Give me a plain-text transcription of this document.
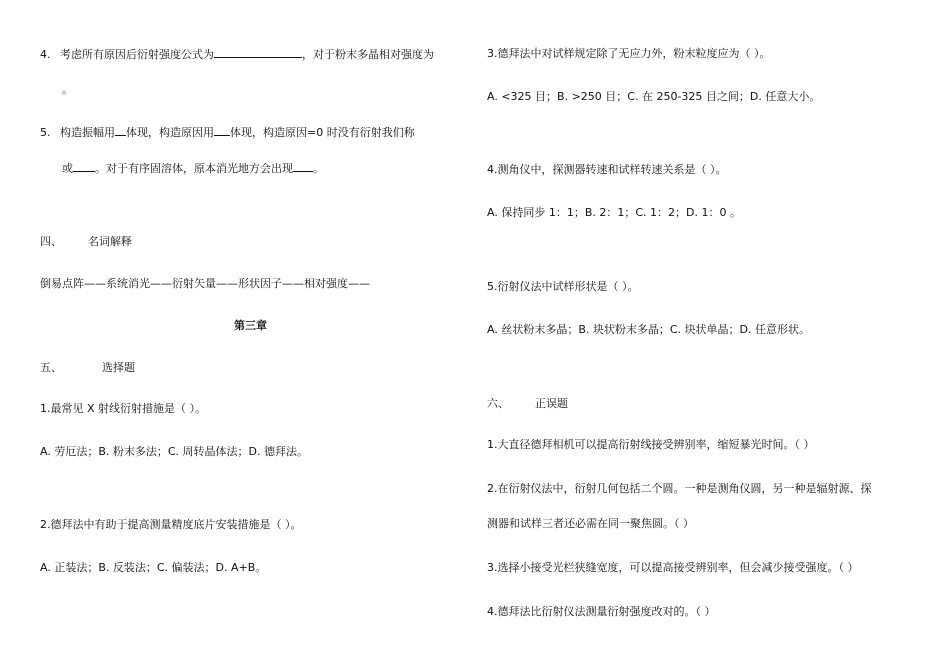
4. 考虑所有原因后衍射强度公式为	，对于粉末多晶相对强度为
。
5. 构造振幅用 体现，构造原因用 体现，构造原因=0 时没有衍射我们称
或 。对于有序固溶体，原本消光地方会出现 。
四、 名词解释
倒易点阵——系统消光——衍射矢量——形状因子——相对强度——
第三章
五、	选择题
1.最常见 X 射线衍射措施是（ ）。
A. 劳厄法；B. 粉末多法；C. 周转晶体法；D. 德拜法。
2.德拜法中有助于提高测量精度底片安装措施是（ ）。
A. 正装法；B. 反装法；C. 偏装法；D. A+B。
3.德拜法中对试样规定除了无应力外，粉末粒度应为（ ）。
A. <325 目；B. >250 目；C. 在 250-325 目之间；D. 任意大小。
4.测角仪中，探测器转速和试样转速关系是（ ）。
A. 保持同步 1：1；B. 2：1；C. 1：2；D. 1：0 。
5.衍射仪法中试样形状是（ ）。
A. 丝状粉末多晶；B. 块状粉末多晶；C. 块状单晶；D. 任意形状。
六、 正误题
1.大直径德拜相机可以提高衍射线接受辨别率，缩短暴光时间。（ ）
2.在衍射仪法中，衍射几何包括二个圆。一种是测角仪圆，另一种是辐射源、探
测器和试样三者还必需在同一聚焦圆。（ ）
3.选择小接受光栏狭缝宽度，可以提高接受辨别率，但会减少接受强度。（ ）
4.德拜法比衍射仪法测量衍射强度改对的。（ ）
